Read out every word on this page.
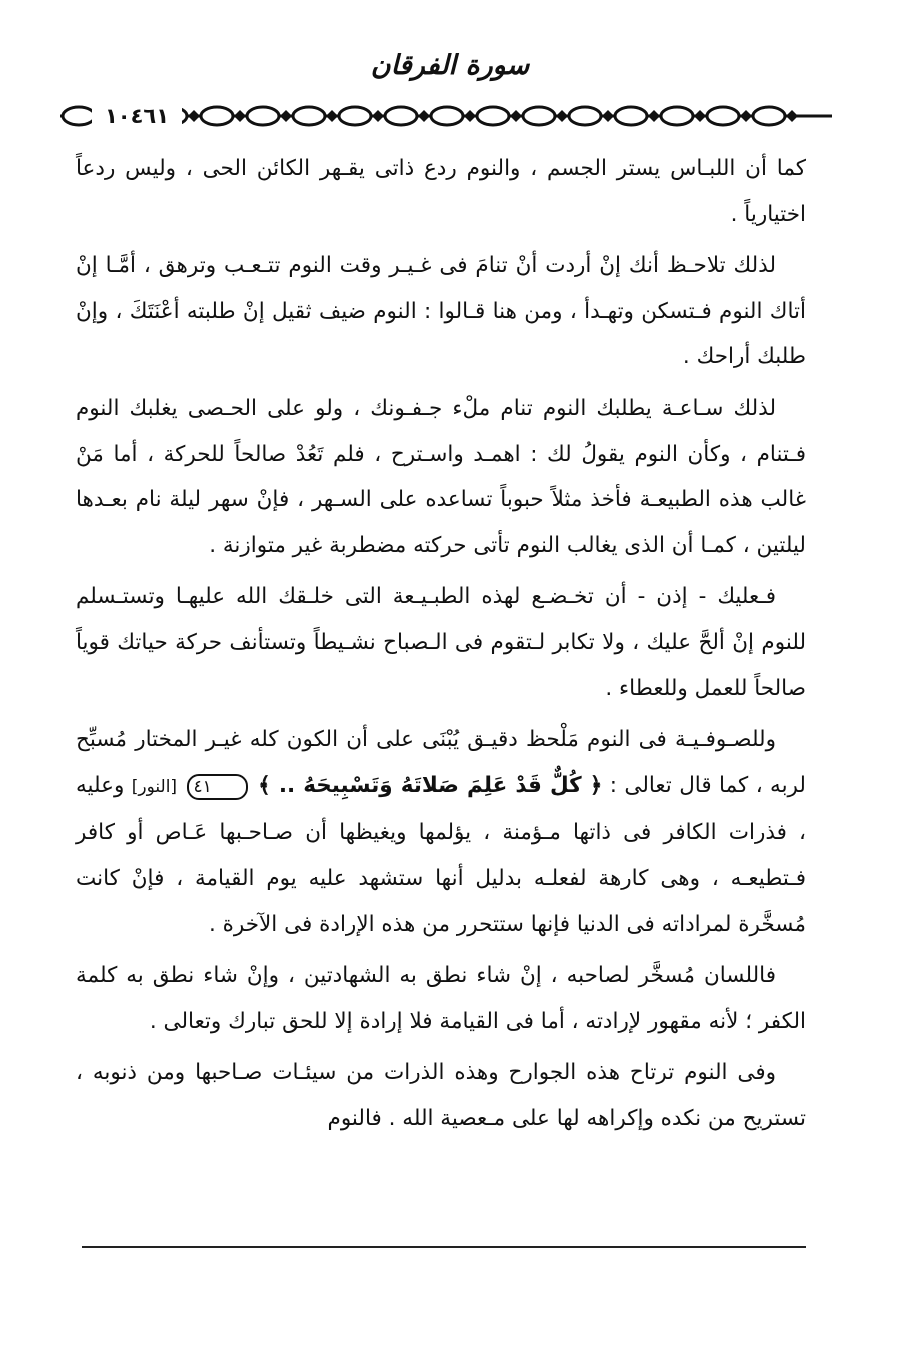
سورة الفرقان
١٠٤٦١

كما أن اللبـاس يستر الجسم ، والنوم ردع ذاتى يقـهر الكائن الحى ، وليس ردعاً اختيارياً .

لذلك تلاحـظ أنك إنْ أردت أنْ تنامَ فى غـيـر وقت النوم تتـعـب وترهق ، أمَّـا إنْ أتاك النوم فـتسكن وتهـدأ ، ومن هنا قـالوا : النوم ضيف ثقيل إنْ طلبته أعْنَتَكَ ، وإنْ طلبك أراحك .

لذلك سـاعـة يطلبك النوم تنام ملْء جـفـونك ، ولو على الحـصى يغلبك النوم فـتنام ، وكأن النوم يقولُ لك : اهمـد واسـترح ، فلم تَعُدْ صالحاً للحركة ، أما مَنْ غالب هذه الطبيعـة فأخذ مثلاً حبوباً تساعده على السـهر ، فإنْ سهر ليلة نام بعـدها ليلتين ، كمـا أن الذى يغالب النوم تأتى حركته مضطربة غير متوازنة .

فـعليك - إذن - أن تخـضـع لهذه الطبـيـعة التى خلـقك الله عليهـا وتستـسلم للنوم إنْ ألحَّ عليك ، ولا تكابر لـتقوم فى الـصباح نشـيطاً وتستأنف حركة حياتك قوياً صالحاً للعمل وللعطاء .

وللصـوفـيـة فى النوم مَلْحظ دقيـق يُبْنَى على أن الكون كله غيـر المختار مُسبِّح لربه ، كما قال تعالى : ﴿ كُلٌّ قَدْ عَلِمَ صَلاتَهُ وَتَسْبِيحَهُ .. ﴾ ٤١ [النور] وعليه ، فذرات الكافر فى ذاتها مـؤمنة ، يؤلمها ويغيظها أن صـاحـبها عَـاص أو كافر فـتطيعـه ، وهى كارهة لفعلـه بدليل أنها ستشهد عليه يوم القيامة ، فإنْ كانت مُسخَّرة لمراداته فى الدنيا فإنها ستتحرر من هذه الإرادة فى الآخرة .

فاللسان مُسخَّر لصاحبه ، إنْ شاء نطق به الشهادتين ، وإنْ شاء نطق به كلمة الكفر ؛ لأنه مقهور لإرادته ، أما فى القيامة فلا إرادة إلا للحق تبارك وتعالى .

وفى النوم ترتاح هذه الجوارح وهذه الذرات من سيئـات صـاحبها ومن ذنوبه ، تستريح من نكده وإكراهه لها على مـعصية الله . فالنوم
